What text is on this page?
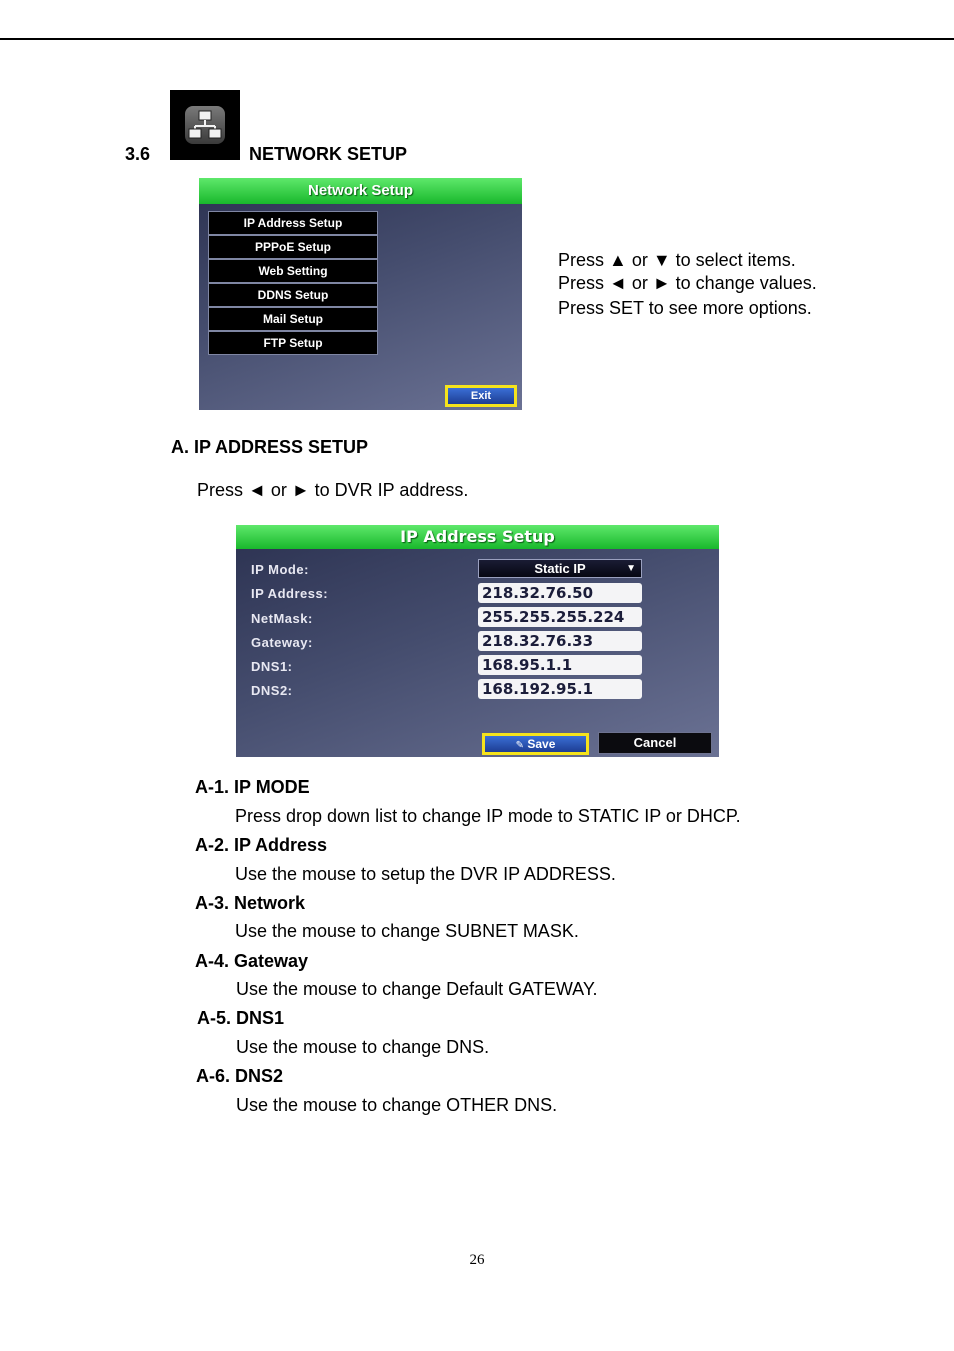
3.6	NETWORK SETUP
Network Setup
IP Address Setup
PPPoE Setup
Web Setting
DDNS Setup
Mail Setup
FTP Setup
Exit
Press ▲ or ▼ to select items.
Press ◄ or ► to change values.
Press SET to see more options.
A. IP ADDRESS SETUP
Press ◄ or ► to DVR IP address.
IP Address Setup
IP Mode:	Static IP	▼
IP Address:	218.32.76.50
NetMask:	255.255.255.224
Gateway:	218.32.76.33
DNS1:	168.95.1.1
DNS2:	168.192.95.1
✎ Save	Cancel
A-1. IP MODE
Press drop down list to change IP mode to STATIC IP or DHCP.
A-2. IP Address
Use the mouse to setup the DVR IP ADDRESS.
A-3. Network
Use the mouse to change SUBNET MASK.
A-4. Gateway
Use the mouse to change Default GATEWAY.
A-5. DNS1
Use the mouse to change DNS.
A-6. DNS2
Use the mouse to change OTHER DNS.
26
